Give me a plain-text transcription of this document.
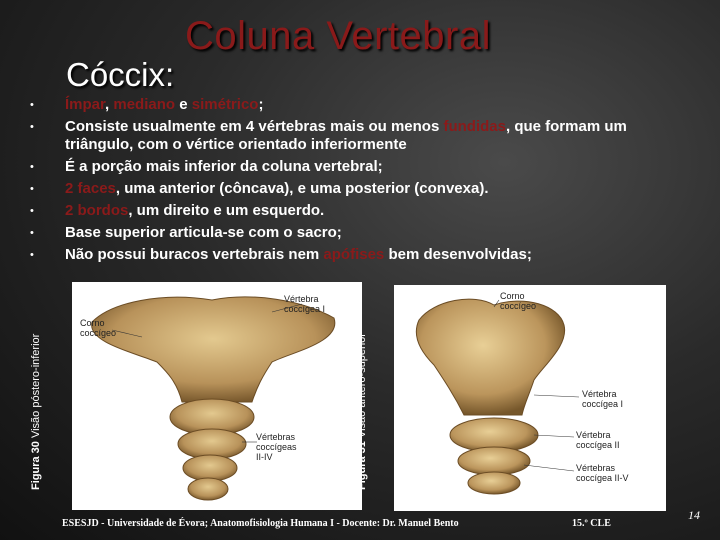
Coluna Vertebral
Cóccix:
• Ímpar, mediano e simétrico;
• Consiste usualmente em 4 vértebras mais ou menos fundidas, que formam um triângulo, com o vértice orientado inferiormente
• É a porção mais inferior da coluna vertebral;
• 2 faces, uma anterior (côncava), e uma posterior (convexa).
• 2 bordos, um direito e um esquerdo.
• Base superior articula-se com o sacro;
• Não possui buracos vertebrais nem apófises bem desenvolvidas;
Vértebra
coccígea I
Corno
coccígeo
Vértebras
coccígeas
II-IV
Figura 30 Visão póstero-inferior
Corno
coccígeo
Vértebra
coccígea I
Vértebra
coccígea II
Vértebras
coccígea II-V
Figura 31 Visão ântero-superior
ESESJD - Universidade de Évora; Anatomofisiologia Humana I - Docente: Dr. Manuel Bento	15.º CLE
14
